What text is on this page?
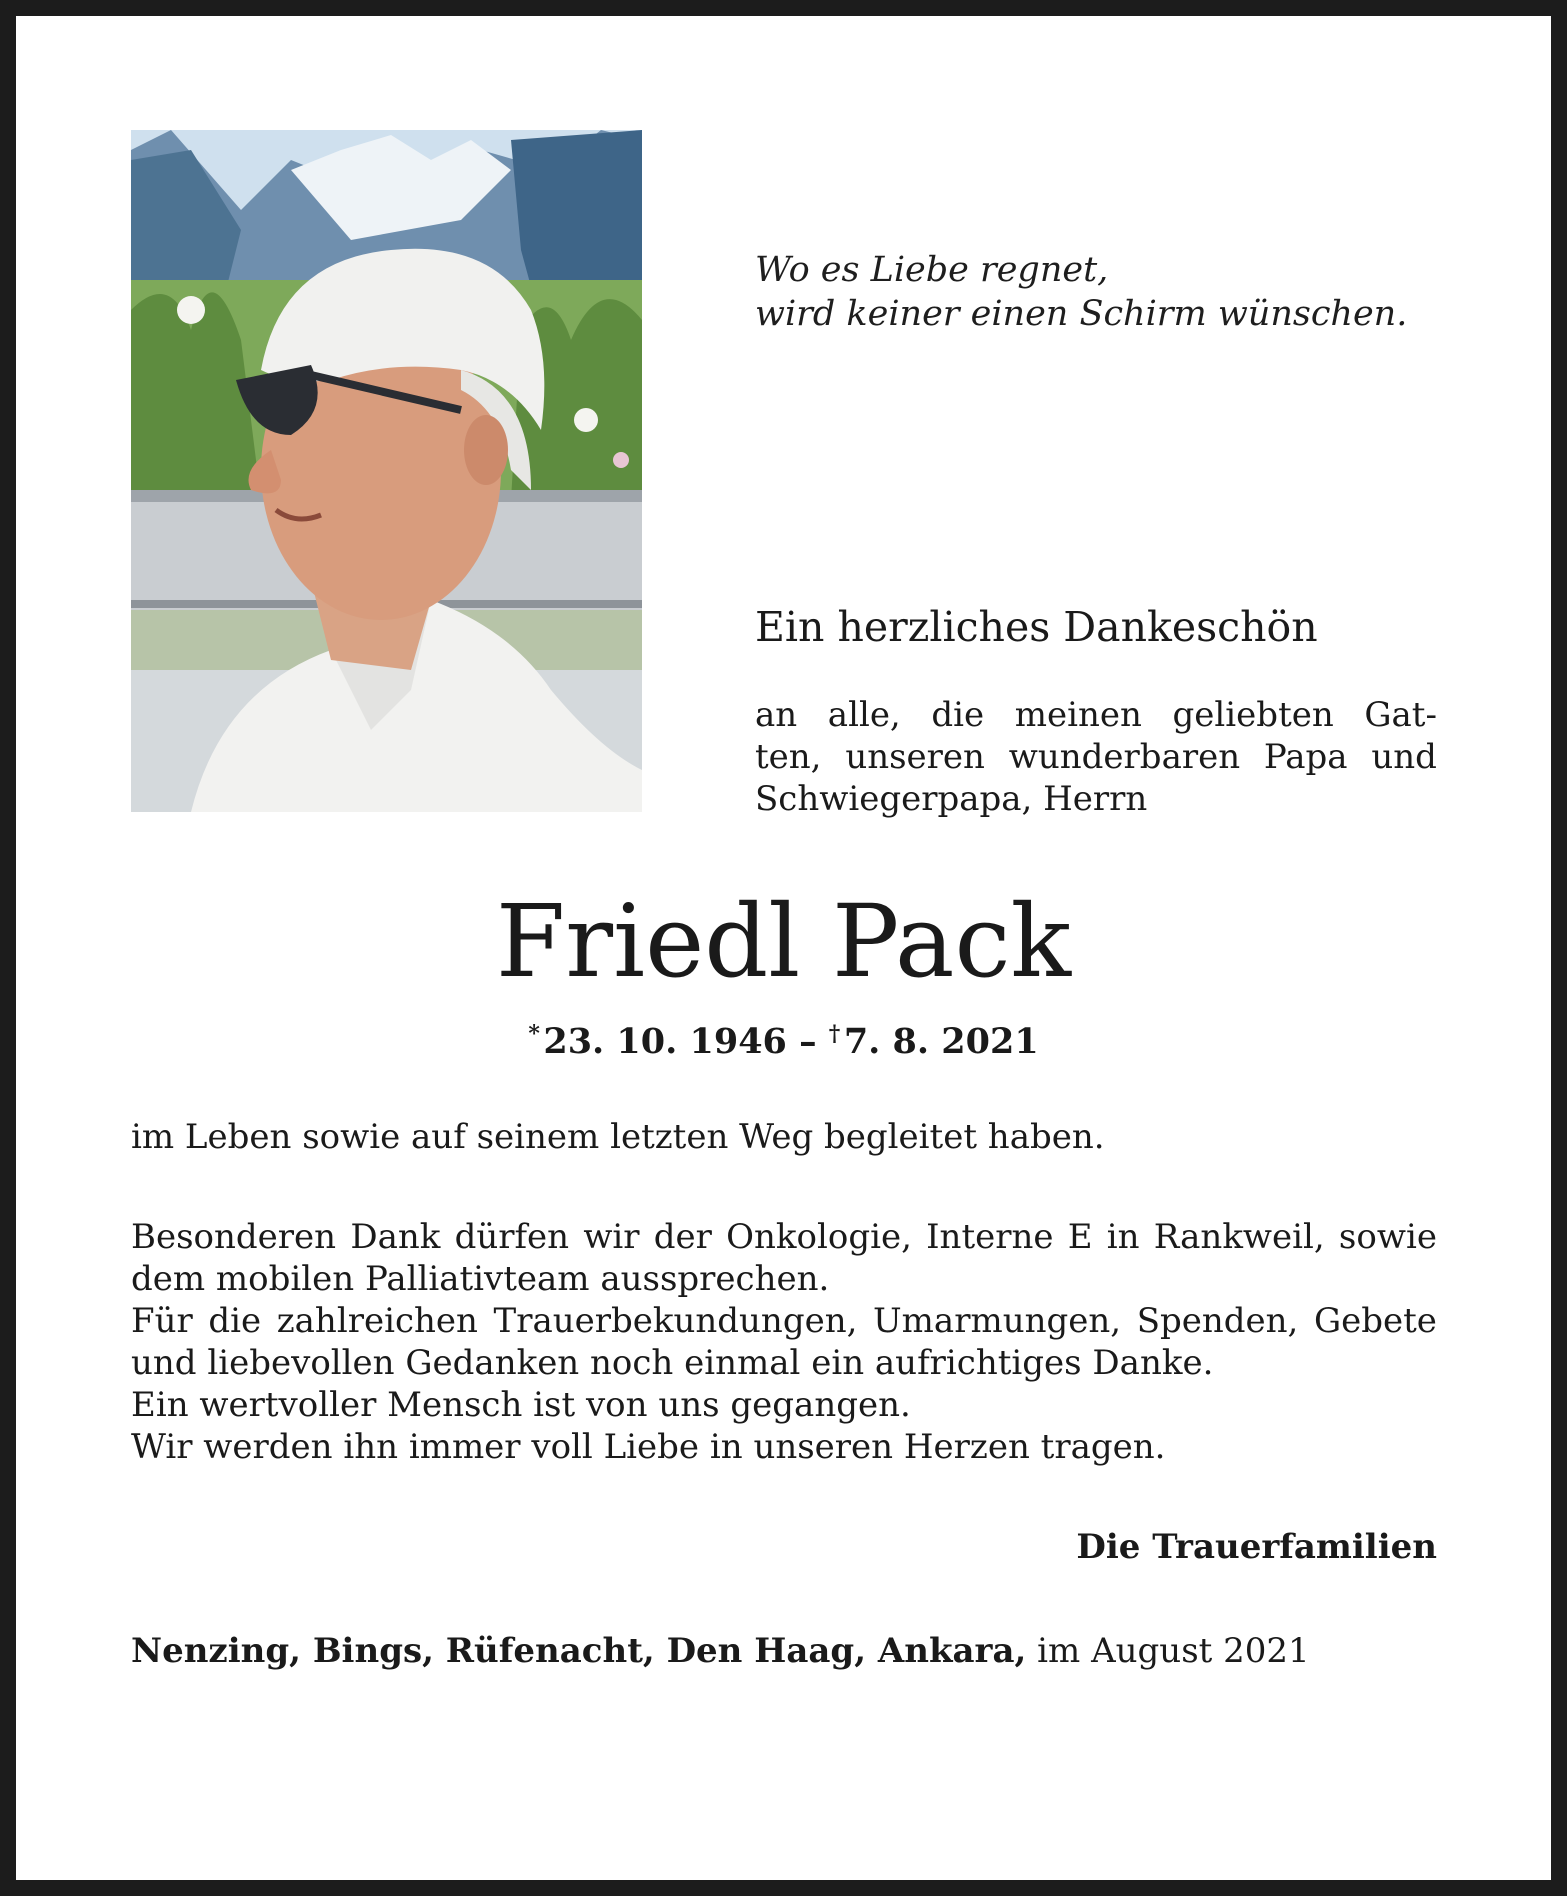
Wo es Liebe regnet,
wird keiner einen Schirm wünschen.
Ein herzliches Dankeschön
an alle, die meinen geliebten Gat-
ten, unseren wunderbaren Papa und
Schwiegerpapa, Herrn
Friedl Pack
*  23. 10. 1946 – †  7. 8. 2021
im Leben sowie auf seinem letzten Weg begleitet haben.
Besonderen Dank dürfen wir der Onkologie, Interne E in Rankweil, sowie
dem mobilen Palliativteam aussprechen.
Für die zahlreichen Trauerbekundungen, Umarmungen, Spenden, Gebete
und liebevollen Gedanken noch einmal ein aufrichtiges Danke.
Ein wertvoller Mensch ist von uns gegangen.
Wir werden ihn immer voll Liebe in unseren Herzen tragen.
Die Trauerfamilien
Nenzing, Bings, Rüfenacht, Den Haag, Ankara, im August 2021
